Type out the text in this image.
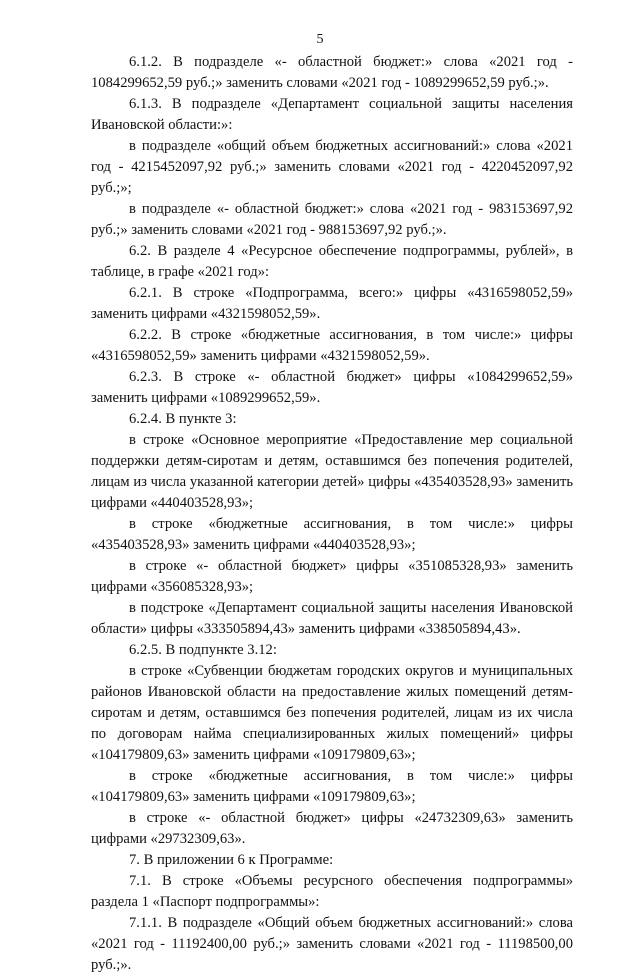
5

6.1.2. В подразделе «- областной бюджет:» слова «2021 год - 1084299652,59 руб.;» заменить словами «2021 год - 1089299652,59 руб.;».

6.1.3. В подразделе «Департамент социальной защиты населения Ивановской области:»:

в подразделе «общий объем бюджетных ассигнований:» слова «2021 год - 4215452097,92 руб.;» заменить словами «2021 год - 4220452097,92 руб.;»;

в подразделе «- областной бюджет:» слова «2021 год - 983153697,92 руб.;» заменить словами «2021 год - 988153697,92 руб.;».

6.2. В разделе 4 «Ресурсное обеспечение подпрограммы, рублей», в таблице, в графе «2021 год»:

6.2.1. В строке «Подпрограмма, всего:» цифры «4316598052,59» заменить цифрами «4321598052,59».

6.2.2. В строке «бюджетные ассигнования, в том числе:» цифры «4316598052,59» заменить цифрами «4321598052,59».

6.2.3. В строке «- областной бюджет» цифры «1084299652,59» заменить цифрами «1089299652,59».

6.2.4. В пункте 3:

в строке «Основное мероприятие «Предоставление мер социальной поддержки детям-сиротам и детям, оставшимся без попечения родителей, лицам из числа указанной категории детей» цифры «435403528,93» заменить цифрами «440403528,93»;

в строке «бюджетные ассигнования, в том числе:» цифры «435403528,93» заменить цифрами «440403528,93»;

в строке «- областной бюджет» цифры «351085328,93» заменить цифрами «356085328,93»;

в подстроке «Департамент социальной защиты населения Ивановской области» цифры «333505894,43» заменить цифрами «338505894,43».

6.2.5. В подпункте 3.12:

в строке «Субвенции бюджетам городских округов и муниципальных районов Ивановской области на предоставление жилых помещений детям-сиротам и детям, оставшимся без попечения родителей, лицам из их числа по договорам найма специализированных жилых помещений» цифры «104179809,63» заменить цифрами «109179809,63»;

в строке «бюджетные ассигнования, в том числе:» цифры «104179809,63» заменить цифрами «109179809,63»;

в строке «- областной бюджет» цифры «24732309,63» заменить цифрами «29732309,63».

7. В приложении 6 к Программе:

7.1. В строке «Объемы ресурсного обеспечения подпрограммы» раздела 1 «Паспорт подпрограммы»:

7.1.1. В подразделе «Общий объем бюджетных ассигнований:» слова «2021 год - 11192400,00 руб.;» заменить словами «2021 год - 11198500,00 руб.;».
